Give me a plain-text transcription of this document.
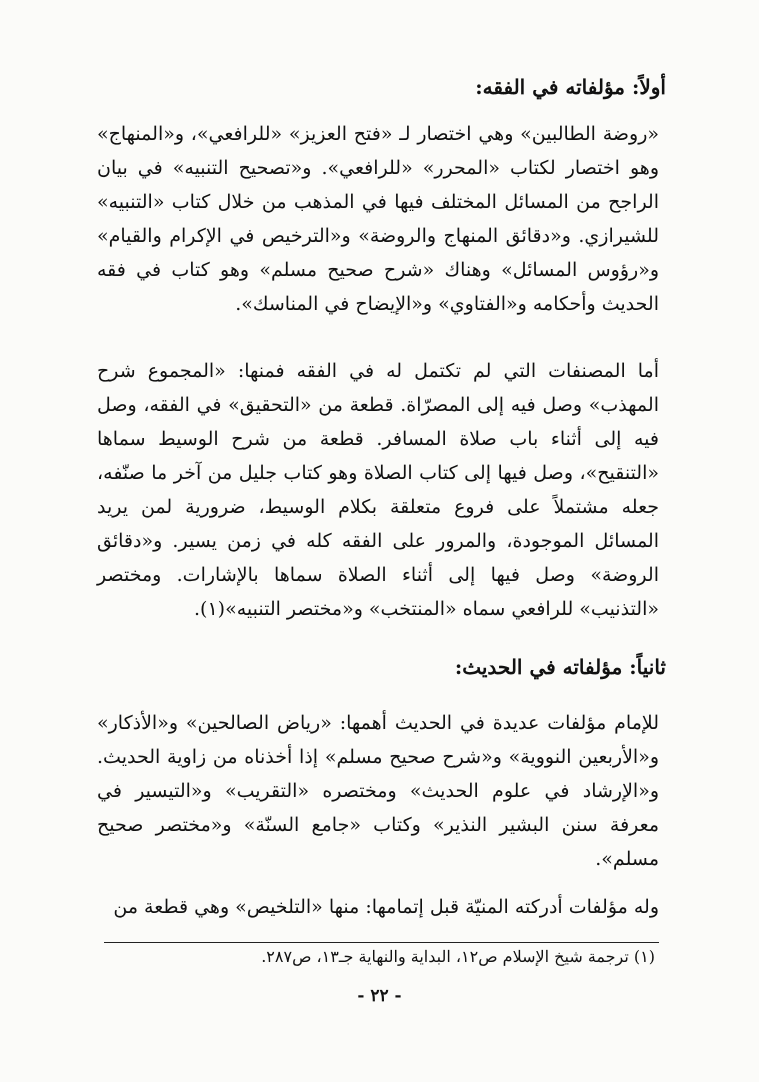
أولاً: مؤلفاته في الفقه:
«روضة الطالبين» وهي اختصار لـ «فتح العزيز» «للرافعي»، و«المنهاج» وهو اختصار لكتاب «المحرر» «للرافعي». و«تصحيح التنبيه» في بيان الراجح من المسائل المختلف فيها في المذهب من خلال كتاب «التنبيه» للشيرازي. و«دقائق المنهاج والروضة» و«الترخيص في الإكرام والقيام» و«رؤوس المسائل» وهناك «شرح صحيح مسلم» وهو كتاب في فقه الحديث وأحكامه و«الفتاوي» و«الإيضاح في المناسك».
أما المصنفات التي لم تكتمل له في الفقه فمنها: «المجموع شرح المهذب» وصل فيه إلى المصرّاة. قطعة من «التحقيق» في الفقه، وصل فيه إلى أثناء باب صلاة المسافر. قطعة من شرح الوسيط سماها «التنقيح»، وصل فيها إلى كتاب الصلاة وهو كتاب جليل من آخر ما صنّفه، جعله مشتملاً على فروع متعلقة بكلام الوسيط، ضرورية لمن يريد المسائل الموجودة، والمرور على الفقه كله في زمن يسير. و«دقائق الروضة» وصل فيها إلى أثناء الصلاة سماها بالإشارات. ومختصر «التذنيب» للرافعي سماه «المنتخب» و«مختصر التنبيه»(١).
ثانياً: مؤلفاته في الحديث:
للإمام مؤلفات عديدة في الحديث أهمها: «رياض الصالحين» و«الأذكار» و«الأربعين النووية» و«شرح صحيح مسلم» إذا أخذناه من زاوية الحديث. و«الإرشاد في علوم الحديث» ومختصره «التقريب» و«التيسير في معرفة سنن البشير النذير» وكتاب «جامع السنّة» و«مختصر صحيح مسلم».
وله مؤلفات أدركته المنيّة قبل إتمامها: منها «التلخيص» وهي قطعة من
(١) ترجمة شيخ الإسلام ص١٢، البداية والنهاية جـ١٣، ص٢٨٧.
- ٢٢ -
